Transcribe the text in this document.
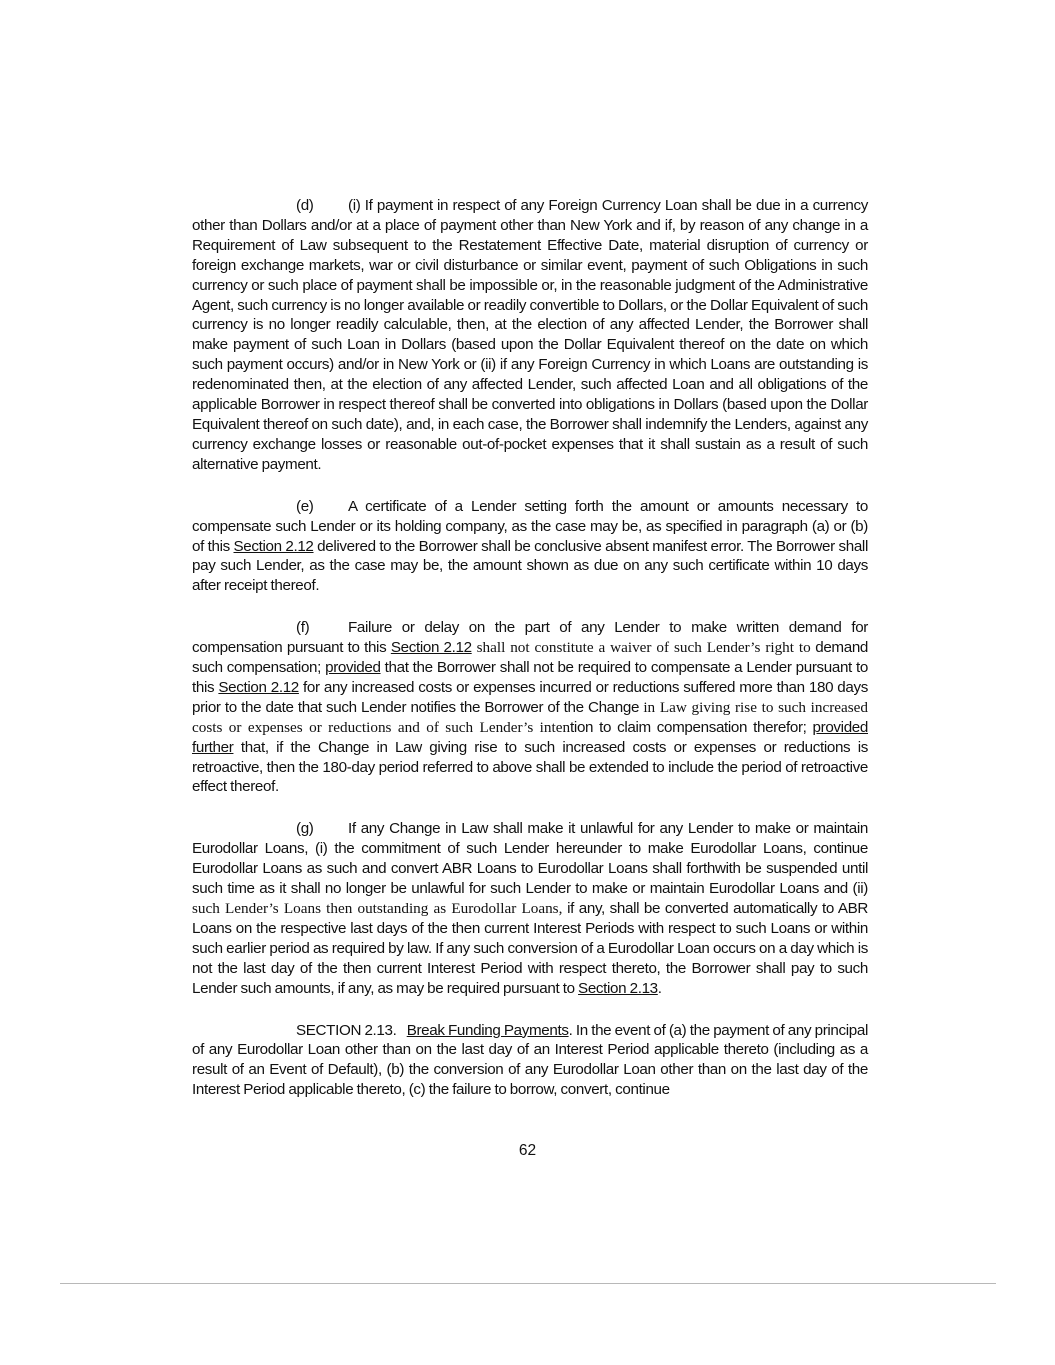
(d) (i) If payment in respect of any Foreign Currency Loan shall be due in a currency other than Dollars and/or at a place of payment other than New York and if, by reason of any change in a Requirement of Law subsequent to the Restatement Effective Date, material disruption of currency or foreign exchange markets, war or civil disturbance or similar event, payment of such Obligations in such currency or such place of payment shall be impossible or, in the reasonable judgment of the Administrative Agent, such currency is no longer available or readily convertible to Dollars, or the Dollar Equivalent of such currency is no longer readily calculable, then, at the election of any affected Lender, the Borrower shall make payment of such Loan in Dollars (based upon the Dollar Equivalent thereof on the date on which such payment occurs) and/or in New York or (ii) if any Foreign Currency in which Loans are outstanding is redenominated then, at the election of any affected Lender, such affected Loan and all obligations of the applicable Borrower in respect thereof shall be converted into obligations in Dollars (based upon the Dollar Equivalent thereof on such date), and, in each case, the Borrower shall indemnify the Lenders, against any currency exchange losses or reasonable out-of-pocket expenses that it shall sustain as a result of such alternative payment.

(e) A certificate of a Lender setting forth the amount or amounts necessary to compensate such Lender or its holding company, as the case may be, as specified in paragraph (a) or (b) of this Section 2.12 delivered to the Borrower shall be conclusive absent manifest error. The Borrower shall pay such Lender, as the case may be, the amount shown as due on any such certificate within 10 days after receipt thereof.

(f)	Failure or delay on the part of any Lender to make written demand for compensation pursuant to this Section 2.12 shall not constitute a waiver of such Lender’s right to demand such compensation; provided that the Borrower shall not be required to compensate a Lender pursuant to this Section 2.12 for any increased costs or expenses incurred or reductions suffered more than 180 days prior to the date that such Lender notifies the Borrower of the Change in Law giving rise to such increased costs or expenses or reductions and of such Lender’s intention to claim compensation therefor; provided further that, if the Change in Law giving rise to such increased costs or expenses or reductions is retroactive, then the 180-day period referred to above shall be extended to include the period of retroactive effect thereof.

(g) If any Change in Law shall make it unlawful for any Lender to make or maintain Eurodollar Loans, (i) the commitment of such Lender hereunder to make Eurodollar Loans, continue Eurodollar Loans as such and convert ABR Loans to Eurodollar Loans shall forthwith be suspended until such time as it shall no longer be unlawful for such Lender to make or maintain Eurodollar Loans and (ii) such Lender’s Loans then outstanding as Eurodollar Loans, if any, shall be converted automatically to ABR Loans on the respective last days of the then current Interest Periods with respect to such Loans or within such earlier period as required by law. If any such conversion of a Eurodollar Loan occurs on a day which is not the last day of the then current Interest Period with respect thereto, the Borrower shall pay to such Lender such amounts, if any, as may be required pursuant to Section 2.13.

SECTION 2.13. Break Funding Payments. In the event of (a) the payment of any principal of any Eurodollar Loan other than on the last day of an Interest Period applicable thereto (including as a result of an Event of Default), (b) the conversion of any Eurodollar Loan other than on the last day of the Interest Period applicable thereto, (c) the failure to borrow, convert, continue

62
